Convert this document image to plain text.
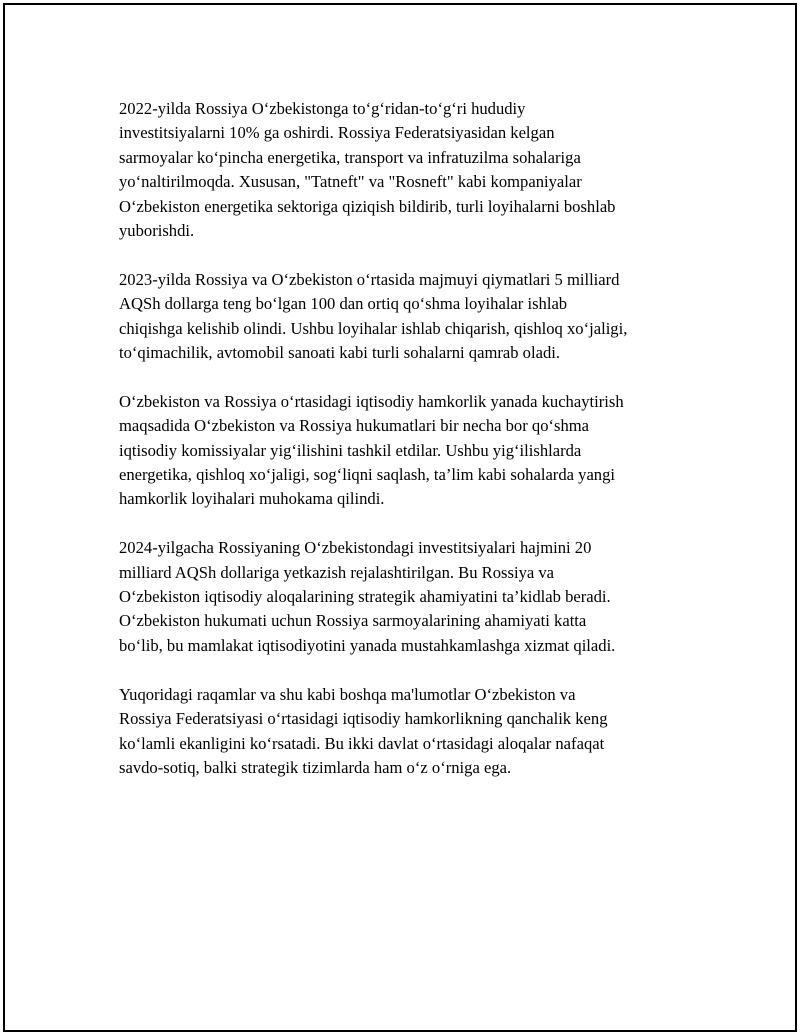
2022-yilda Rossiya O‘zbekistonga to‘g‘ridan-to‘g‘ri hududiy
investitsiyalarni 10% ga oshirdi. Rossiya Federatsiyasidan kelgan
sarmoyalar ko‘pincha energetika, transport va infratuzilma sohalariga
yo‘naltirilmoqda. Xususan, "Tatneft" va "Rosneft" kabi kompaniyalar
O‘zbekiston energetika sektoriga qiziqish bildirib, turli loyihalarni boshlab
yuborishdi.

2023-yilda Rossiya va O‘zbekiston o‘rtasida majmuyi qiymatlari 5 milliard
AQSh dollarga teng bo‘lgan 100 dan ortiq qo‘shma loyihalar ishlab
chiqishga kelishib olindi. Ushbu loyihalar ishlab chiqarish, qishloq xo‘jaligi,
to‘qimachilik, avtomobil sanoati kabi turli sohalarni qamrab oladi.

O‘zbekiston va Rossiya o‘rtasidagi iqtisodiy hamkorlik yanada kuchaytirish
maqsadida O‘zbekiston va Rossiya hukumatlari bir necha bor qo‘shma
iqtisodiy komissiyalar yig‘ilishini tashkil etdilar. Ushbu yig‘ilishlarda
energetika, qishloq xo‘jaligi, sog‘liqni saqlash, ta’lim kabi sohalarda yangi
hamkorlik loyihalari muhokama qilindi.

2024-yilgacha Rossiyaning O‘zbekistondagi investitsiyalari hajmini 20
milliard AQSh dollariga yetkazish rejalashtirilgan. Bu Rossiya va
O‘zbekiston iqtisodiy aloqalarining strategik ahamiyatini ta’kidlab beradi.
O‘zbekiston hukumati uchun Rossiya sarmoyalarining ahamiyati katta
bo‘lib, bu mamlakat iqtisodiyotini yanada mustahkamlashga xizmat qiladi.

Yuqoridagi raqamlar va shu kabi boshqa ma'lumotlar O‘zbekiston va
Rossiya Federatsiyasi o‘rtasidagi iqtisodiy hamkorlikning qanchalik keng
ko‘lamli ekanligini ko‘rsatadi. Bu ikki davlat o‘rtasidagi aloqalar nafaqat
savdo-sotiq, balki strategik tizimlarda ham o‘z o‘rniga ega.
